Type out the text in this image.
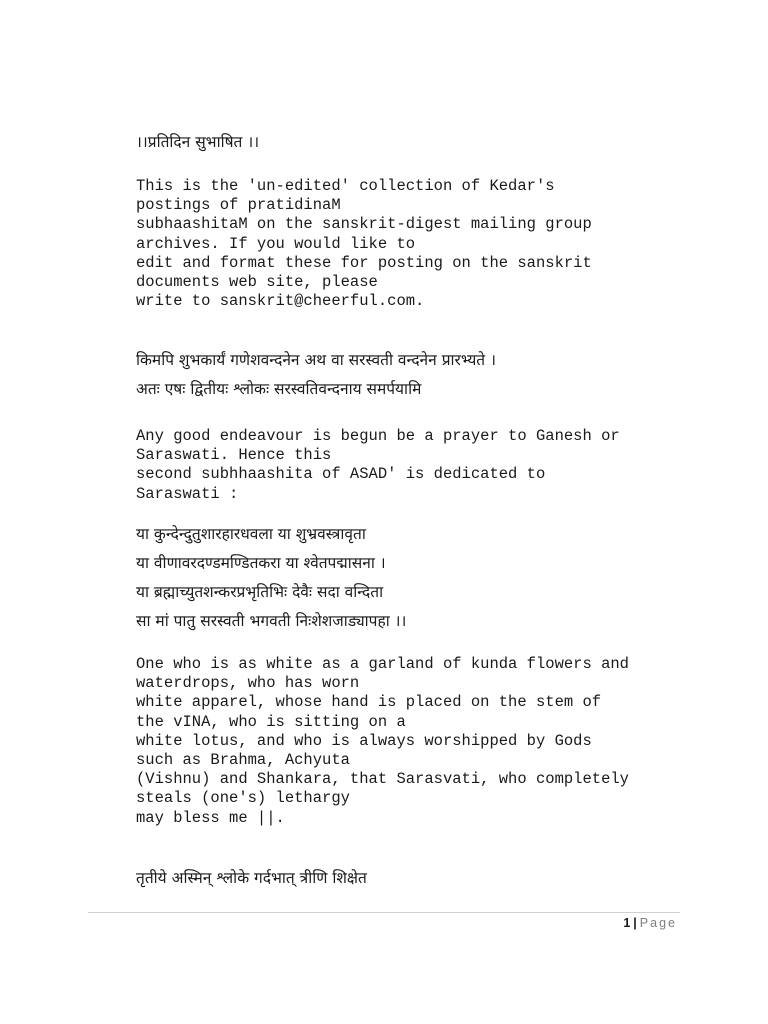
।।प्रतिदिन सुभाषित ।।

This is the 'un-edited' collection of Kedar's

postings of pratidinaM

subhaashitaM on the sanskrit-digest mailing group

archives. If you would like to

edit and format these for posting on the sanskrit

documents web site, please

write to sanskrit@cheerful.com.

किमपि शुभकार्यं गणेशवन्दनेन अथ वा सरस्वती वन्दनेन प्रारभ्यते ।

अतः एषः द्वितीयः श्लोकः सरस्वतिवन्दनाय समर्पयामि

Any good endeavour is begun be a prayer to Ganesh or

Saraswati. Hence this

second subhhaashita of ASAD' is dedicated to

Saraswati :

या कुन्देन्दुतुशारहारधवला या शुभ्रवस्त्रावृता

या वीणावरदण्डमण्डितकरा या श्वेतपद्मासना ।

या ब्रह्माच्युतशन्करप्रभृतिभिः देवैः सदा वन्दिता

सा मां पातु सरस्वती भगवती निःशेशजाड्यापहा ।।

One who is as white as a garland of kunda flowers and

waterdrops, who has worn

white apparel, whose hand is placed on the stem of

the vINA, who is sitting on a

white lotus, and who is always worshipped by Gods

such as Brahma, Achyuta

(Vishnu) and Shankara, that Sarasvati, who completely

steals (one's) lethargy

may bless me ||.

तृतीये अस्मिन् श्लोके गर्दभात् त्रीणि शिक्षेत

1 | Page
